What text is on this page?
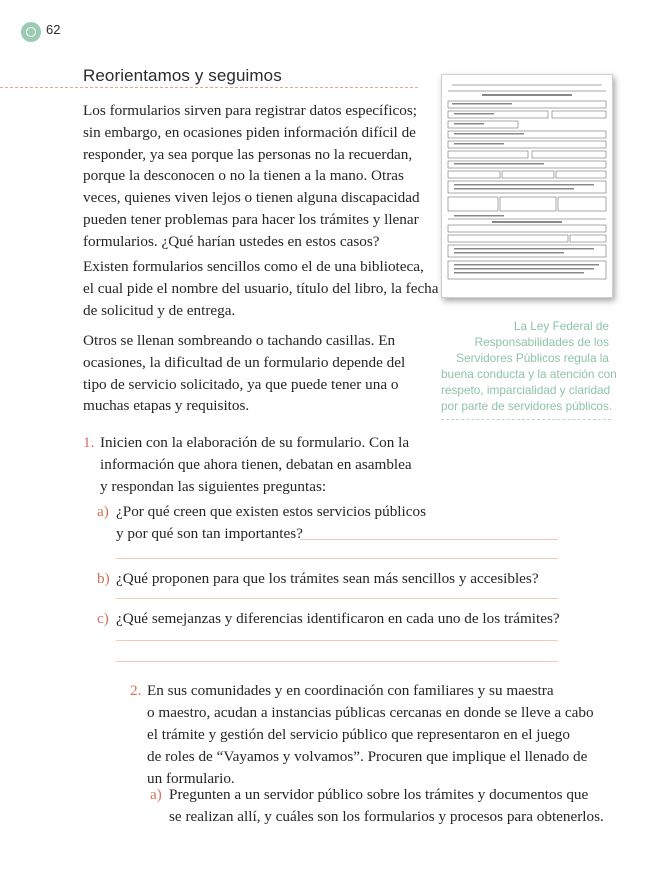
62
Reorientamos y seguimos
Los formularios sirven para registrar datos específicos;
sin embargo, en ocasiones piden información difícil de
responder, ya sea porque las personas no la recuerdan,
porque la desconocen o no la tienen a la mano. Otras
veces, quienes viven lejos o tienen alguna discapacidad
pueden tener problemas para hacer los trámites y llenar
formularios. ¿Qué harían ustedes en estos casos?
Existen formularios sencillos como el de una biblioteca,
el cual pide el nombre del usuario, título del libro, la fecha
de solicitud y de entrega.
Otros se llenan sombreando o tachando casillas. En
ocasiones, la dificultad de un formulario depende del
tipo de servicio solicitado, ya que puede tener una o
muchas etapas y requisitos.
La Ley Federal de
Responsabilidades de los
Servidores Públicos regula la
buena conducta y la atención con
respeto, imparcialidad y claridad
por parte de servidores públicos.
1. Inicien con la elaboración de su formulario. Con la
información que ahora tienen, debatan en asamblea
y respondan las siguientes preguntas:
a) ¿Por qué creen que existen estos servicios públicos
y por qué son tan importantes?
b) ¿Qué proponen para que los trámites sean más sencillos y accesibles?
c) ¿Qué semejanzas y diferencias identificaron en cada uno de los trámites?
2. En sus comunidades y en coordinación con familiares y su maestra
o maestro, acudan a instancias públicas cercanas en donde se lleve a cabo
el trámite y gestión del servicio público que representaron en el juego
de roles de “Vayamos y volvamos”. Procuren que implique el llenado de
un formulario.
a) Pregunten a un servidor público sobre los trámites y documentos que
se realizan allí, y cuáles son los formularios y procesos para obtenerlos.
